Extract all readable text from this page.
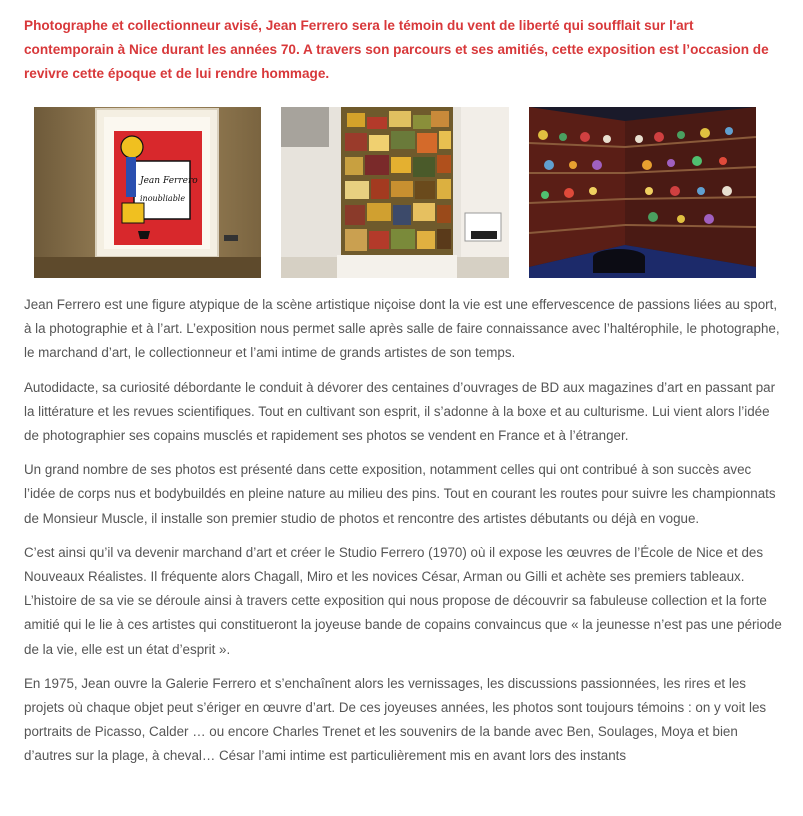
Photographe et collectionneur avisé, Jean Ferrero sera le témoin du vent de liberté qui soufflait sur l'art contemporain à Nice durant les années 70. A travers son parcours et ses amitiés, cette exposition est l’occasion de revivre cette époque et de lui rendre hommage.

Jean Ferrero
inoubliable

Jean Ferrero est une figure atypique de la scène artistique niçoise dont la vie est une effervescence de passions liées au sport, à la photographie et à l’art. L’exposition nous permet salle après salle de faire connaissance avec l’haltérophile, le photographe, le marchand d’art, le collectionneur et l’ami intime de grands artistes de son temps.

Autodidacte, sa curiosité débordante le conduit à dévorer des centaines d’ouvrages de BD aux magazines d’art en passant par la littérature et les revues scientifiques. Tout en cultivant son esprit, il s’adonne à la boxe et au culturisme. Lui vient alors l’idée de photographier ses copains musclés et rapidement ses photos se vendent en France et à l’étranger.

Un grand nombre de ses photos est présenté dans cette exposition, notamment celles qui ont contribué à son succès avec l’idée de corps nus et bodybuildés en pleine nature au milieu des pins. Tout en courant les routes pour suivre les championnats de Monsieur Muscle, il installe son premier studio de photos et rencontre des artistes débutants ou déjà en vogue.

C’est ainsi qu’il va devenir marchand d’art et créer le Studio Ferrero (1970) où il expose les œuvres de l’École de Nice et des Nouveaux Réalistes. Il fréquente alors Chagall, Miro et les novices César, Arman ou Gilli et achète ses premiers tableaux. L’histoire de sa vie se déroule ainsi à travers cette exposition qui nous propose de découvrir sa fabuleuse collection et la forte amitié qui le lie à ces artistes qui constitueront la joyeuse bande de copains convaincus que « la jeunesse n’est pas une période de la vie, elle est un état d’esprit ».

En 1975, Jean ouvre la Galerie Ferrero et s’enchaînent alors les vernissages, les discussions passionnées, les rires et les projets où chaque objet peut s’ériger en œuvre d’art. De ces joyeuses années, les photos sont toujours témoins : on y voit les portraits de Picasso, Calder … ou encore Charles Trenet et les souvenirs de la bande avec Ben, Soulages, Moya et bien d’autres sur la plage, à cheval… César l’ami intime est particulièrement mis en avant lors des instants
